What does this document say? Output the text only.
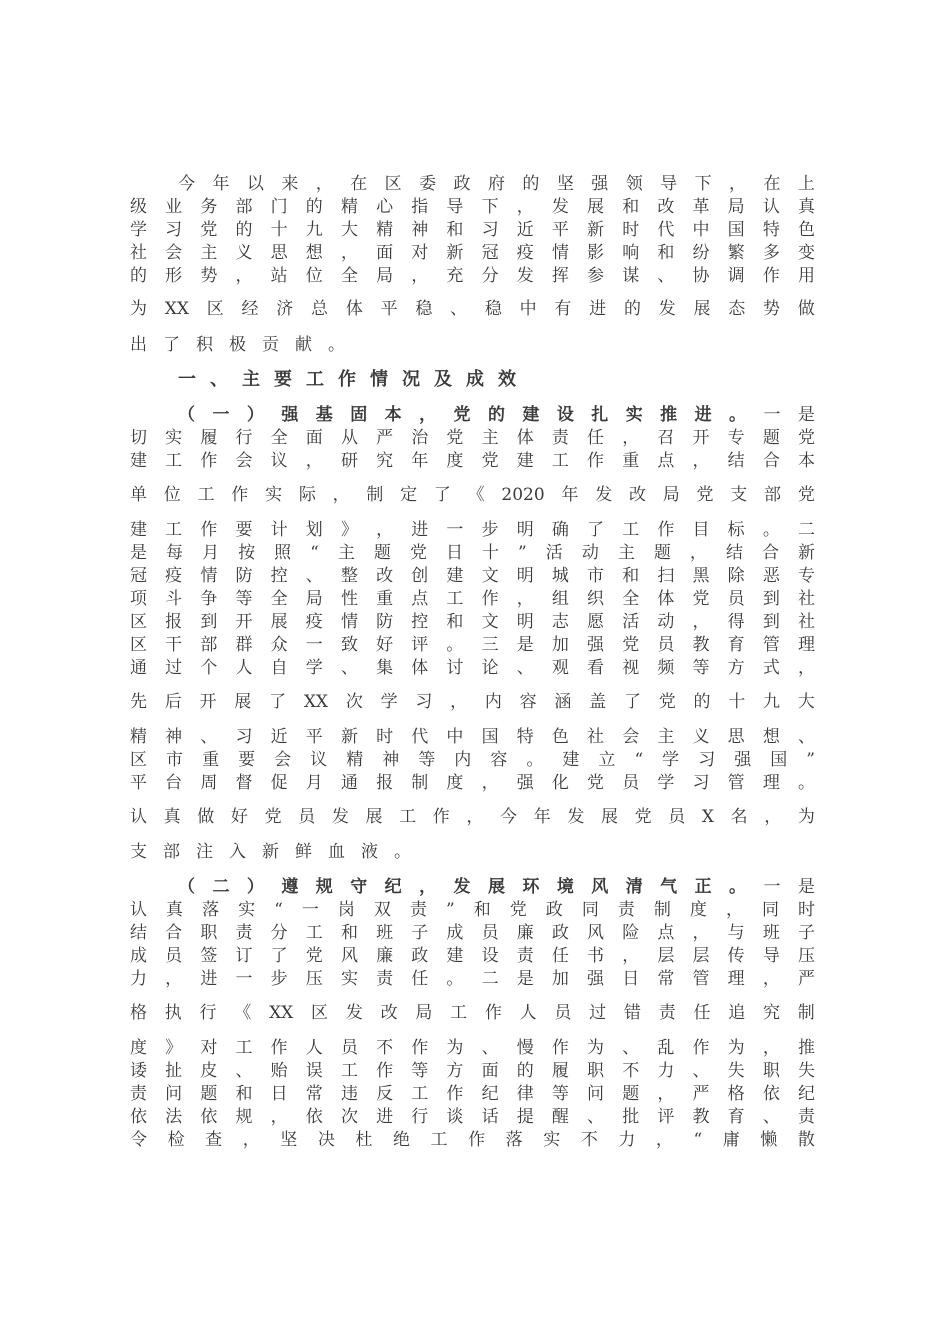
今 年 以 来 ， 在 区 委 政 府 的 坚 强 领 导 下 ， 在 上
级 业 务 部 门 的 精 心 指 导 下 ， 发 展 和 改 革 局 认 真
学 习 党 的 十 九 大 精 神 和 习 近 平 新 时 代 中 国 特 色
社 会 主 义 思 想 ， 面 对 新 冠 疫 情 影 响 和 纷 繁 多 变
的 形 势 ， 站 位 全 局 ， 充 分 发 挥 参 谋 、 协 调 作 用
为 XX 区 经 济 总 体 平 稳 、 稳 中 有 进 的 发 展 态 势 做
出 了 积 极 贡 献 。
一 、 主 要 工 作 情 况 及 成 效
（ 一 ） 强 基 固 本 ， 党 的 建 设 扎 实 推 进 。 一 是
切 实 履 行 全 面 从 严 治 党 主 体 责 任 ， 召 开 专 题 党
建 工 作 会 议 ， 研 究 年 度 党 建 工 作 重 点 ， 结 合 本
单 位 工 作 实 际 ， 制 定 了 《 2020 年 发 改 局 党 支 部 党
建 工 作 要 计 划 》 ， 进 一 步 明 确 了 工 作 目 标 。 二
是 每 月 按 照 “ 主 题 党 日 十 ” 活 动 主 题 ， 结 合 新
冠 疫 情 防 控 、 整 改 创 建 文 明 城 市 和 扫 黑 除 恶 专
项 斗 争 等 全 局 性 重 点 工 作 ， 组 织 全 体 党 员 到 社
区 报 到 开 展 疫 情 防 控 和 文 明 志 愿 活 动 ， 得 到 社
区 干 部 群 众 一 致 好 评 。 三 是 加 强 党 员 教 育 管 理
通 过 个 人 自 学 、 集 体 讨 论 、 观 看 视 频 等 方 式 ，
先 后 开 展 了 XX 次 学 习 ， 内 容 涵 盖 了 党 的 十 九 大
精 神 、 习 近 平 新 时 代 中 国 特 色 社 会 主 义 思 想 、
区 市 重 要 会 议 精 神 等 内 容 。 建 立 “ 学 习 强 国 ”
平 台 周 督 促 月 通 报 制 度 ， 强 化 党 员 学 习 管 理 。
认 真 做 好 党 员 发 展 工 作 ， 今 年 发 展 党 员 X 名 ， 为
支 部 注 入 新 鲜 血 液 。
（ 二 ） 遵 规 守 纪 ， 发 展 环 境 风 清 气 正 。 一 是
认 真 落 实 “ 一 岗 双 责 ” 和 党 政 同 责 制 度 ， 同 时
结 合 职 责 分 工 和 班 子 成 员 廉 政 风 险 点 ， 与 班 子
成 员 签 订 了 党 风 廉 政 建 设 责 任 书 ， 层 层 传 导 压
力 ， 进 一 步 压 实 责 任 。 二 是 加 强 日 常 管 理 ， 严
格 执 行 《 XX 区 发 改 局 工 作 人 员 过 错 责 任 追 究 制
度 》 对 工 作 人 员 不 作 为 、 慢 作 为 、 乱 作 为 ， 推
诿 扯 皮 、 贻 误 工 作 等 方 面 的 履 职 不 力 、 失 职 失
责 问 题 和 日 常 违 反 工 作 纪 律 等 问 题 ， 严 格 依 纪
依 法 依 规 ， 依 次 进 行 谈 话 提 醒 、 批 评 教 育 、 责
令 检 查 ， 坚 决 杜 绝 工 作 落 实 不 力 ， “ 庸 懒 散
